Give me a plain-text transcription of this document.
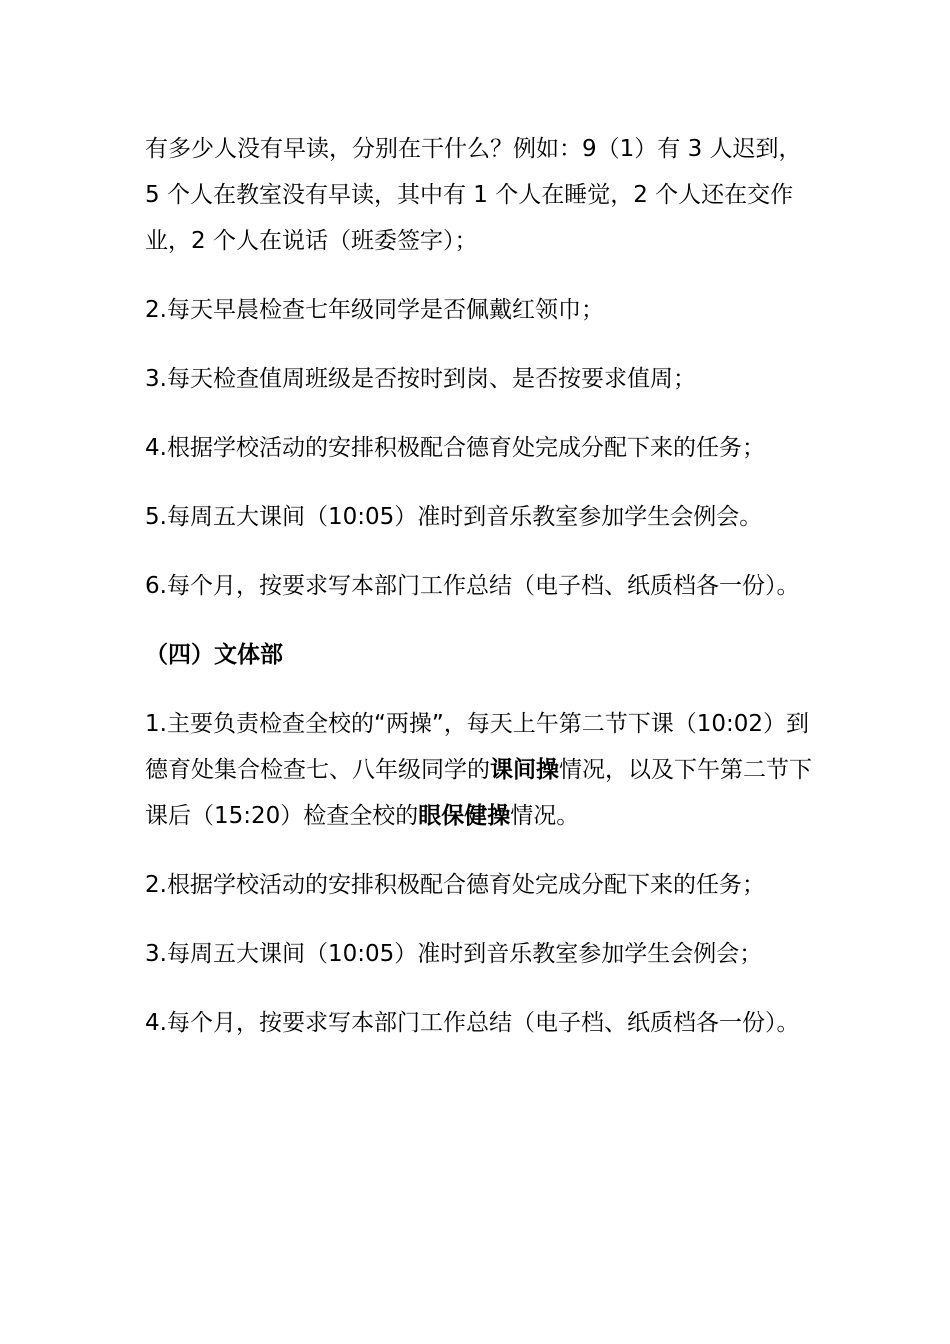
有多少人没有早读，分别在干什么？例如：9（1）有 3 人迟到，5 个人在教室没有早读，其中有 1 个人在睡觉，2 个人还在交作业，2 个人在说话（班委签字）；

2.每天早晨检查七年级同学是否佩戴红领巾；

3.每天检查值周班级是否按时到岗、是否按要求值周；

4.根据学校活动的安排积极配合德育处完成分配下来的任务；

5.每周五大课间（10:05）准时到音乐教室参加学生会例会。

6.每个月，按要求写本部门工作总结（电子档、纸质档各一份）。

（四）文体部

1.主要负责检查全校的“两操”，每天上午第二节下课（10:02）到德育处集合检查七、八年级同学的课间操情况，以及下午第二节下课后（15:20）检查全校的眼保健操情况。

2.根据学校活动的安排积极配合德育处完成分配下来的任务；

3.每周五大课间（10:05）准时到音乐教室参加学生会例会；

4.每个月，按要求写本部门工作总结（电子档、纸质档各一份）。
